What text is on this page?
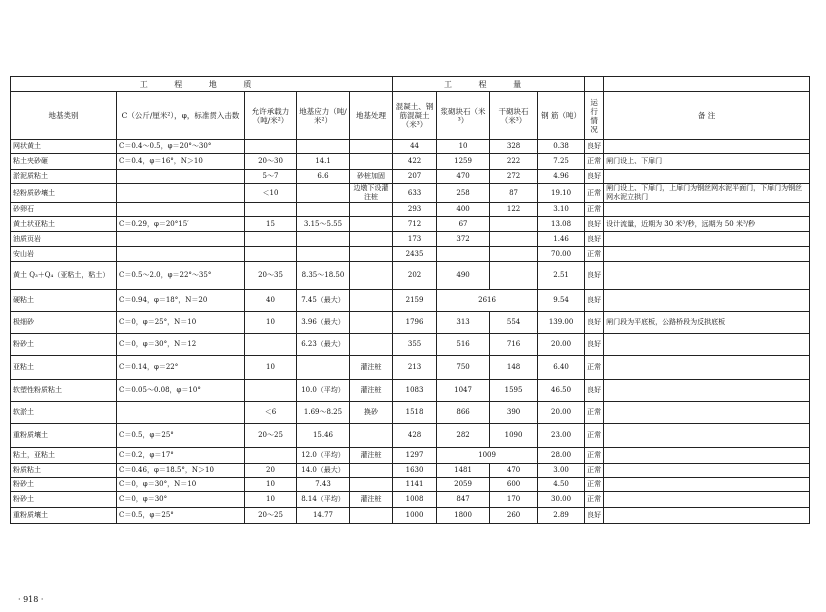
工 程 地 质					工 程 量					
地基类别	C（公斤/厘米²），φ，标准贯入击数	允许承载力（吨/米²）	地基应力（吨/米²）	地基处理	混凝土、钢筋混凝土（米³）	浆砌块石（米³）	干砌块石（米³）	钢 筋（吨）	运行情况	备 注
网状黄土	C＝0.4～0.5，φ＝20°～30°				44	10	328	0.38	良好	
粘土夹砂砸	C＝0.4，φ＝16°，N＞10	20～30	14.1		422	1259	222	7.25	正常	闸门设上、下扉门
淤泥质粘土		5～7	6.6	砂桩加固	207	470	272	4.96	良好	
轻粉质砂壤土		＜10		边墩下设灌注桩	633	258	87	19.10	正常	闸门设上、下扉门，上扉门为钢丝网水泥平面门，下扉门为钢丝网水泥立拱门
砂卵石					293	400	122	3.10	正常	
黄土状亚粘土	C＝0.29，φ＝20°15′	15	3.15～5.55		712	67		13.08	良好	设计流量，近期为 30 米³/秒，远期为 50 米³/秒
油质页岩					173	372		1.46	良好	
安山岩					2435			70.00	正常	
黄土 Q₃＋Q₄（亚粘土，粘土）	C＝0.5～2.0，φ＝22°～35°	20～35	8.35～18.50		202	490		2.51	良好	
硬粘土	C＝0.94，φ＝18°，N＝20	40	7.45（最大）		2159	2616		9.54	良好	
极细砂	C＝0，φ＝25°，N＝10	10	3.96（最大）		1796	313	554	139.00	良好	闸门段为平底板，公路桥段为反拱底板
粉砂土	C＝0，φ＝30°，N＝12		6.23（最大）		355	516	716	20.00	良好	
亚粘土	C＝0.14，φ＝22°	10		灌注桩	213	750	148	6.40	正常	
软塑性粉质粘土	C＝0.05～0.08，φ＝10°		10.0（平均）	灌注桩	1083	1047	1595	46.50	良好	
软淤土		＜6	1.69～8.25	换砂	1518	866	390	20.00	正常	
重粉质壤土	C＝0.5，φ＝25°	20～25	15.46		428	282	1090	23.00	正常	
粘土，亚粘土	C＝0.2，φ＝17°		12.0（平均）	灌注桩	1297	1009		28.00	正常	
粉质粘土	C＝0.46，φ＝18.5°，N＞10	20	14.0（最大）		1630	1481	470	3.00	正常	
粉砂土	C＝0，φ＝30°，N＝10	10	7.43		1141	2059	600	4.50	正常	
粉砂土	C＝0，φ＝30°	10	8.14（平均）	灌注桩	1008	847	170	30.00	正常	
重粉质壤土	C＝0.5，φ＝25°	20～25	14.77		1000	1800	260	2.89	良好	
· 918 ·
